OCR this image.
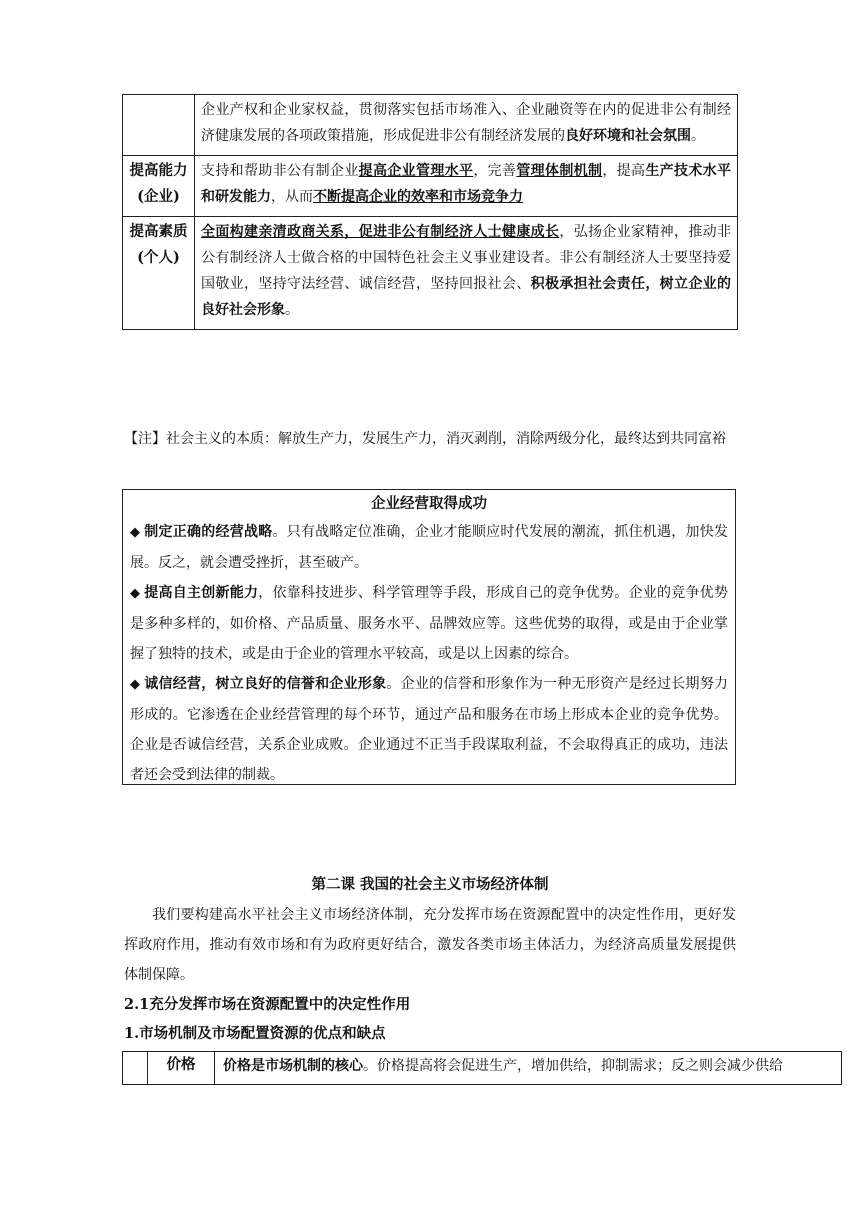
	企业产权和企业家权益，贯彻落实包括市场准入、企业融资等在内的促进非公有制经济健康发展的各项政策措施，形成促进非公有制经济发展的良好环境和社会氛围。
提高能力(企业)	支持和帮助非公有制企业提高企业管理水平，完善管理体制机制，提高生产技术水平和研发能力，从而不断提高企业的效率和市场竞争力
提高素质(个人)	全面构建亲清政商关系，促进非公有制经济人士健康成长，弘扬企业家精神，推动非公有制经济人士做合格的中国特色社会主义事业建设者。非公有制经济人士要坚持爱国敬业，坚持守法经营、诚信经营，坚持回报社会、积极承担社会责任，树立企业的良好社会形象。
【注】社会主义的本质：解放生产力，发展生产力，消灭剥削，消除两级分化，最终达到共同富裕
企业经营取得成功

◆ 制定正确的经营战略。只有战略定位准确，企业才能顺应时代发展的潮流，抓住机遇，加快发展。反之，就会遭受挫折，甚至破产。

◆ 提高自主创新能力，依靠科技进步、科学管理等手段，形成自己的竞争优势。企业的竞争优势是多种多样的，如价格、产品质量、服务水平、品牌效应等。这些优势的取得，或是由于企业掌握了独特的技术，或是由于企业的管理水平较高，或是以上因素的综合。

◆ 诚信经营，树立良好的信誉和企业形象。企业的信誉和形象作为一种无形资产是经过长期努力形成的。它渗透在企业经营管理的每个环节，通过产品和服务在市场上形成本企业的竞争优势。企业是否诚信经营，关系企业成败。企业通过不正当手段谋取利益，不会取得真正的成功，违法者还会受到法律的制裁。

第二课 我国的社会主义市场经济体制
我们要构建高水平社会主义市场经济体制，充分发挥市场在资源配置中的决定性作用，更好发挥政府作用，推动有效市场和有为政府更好结合，激发各类市场主体活力，为经济高质量发展提供体制保障。
2.1充分发挥市场在资源配置中的决定性作用
1.市场机制及市场配置资源的优点和缺点
	价格	价格是市场机制的核心。价格提高将会促进生产，增加供给，抑制需求；反之则会减少供给
